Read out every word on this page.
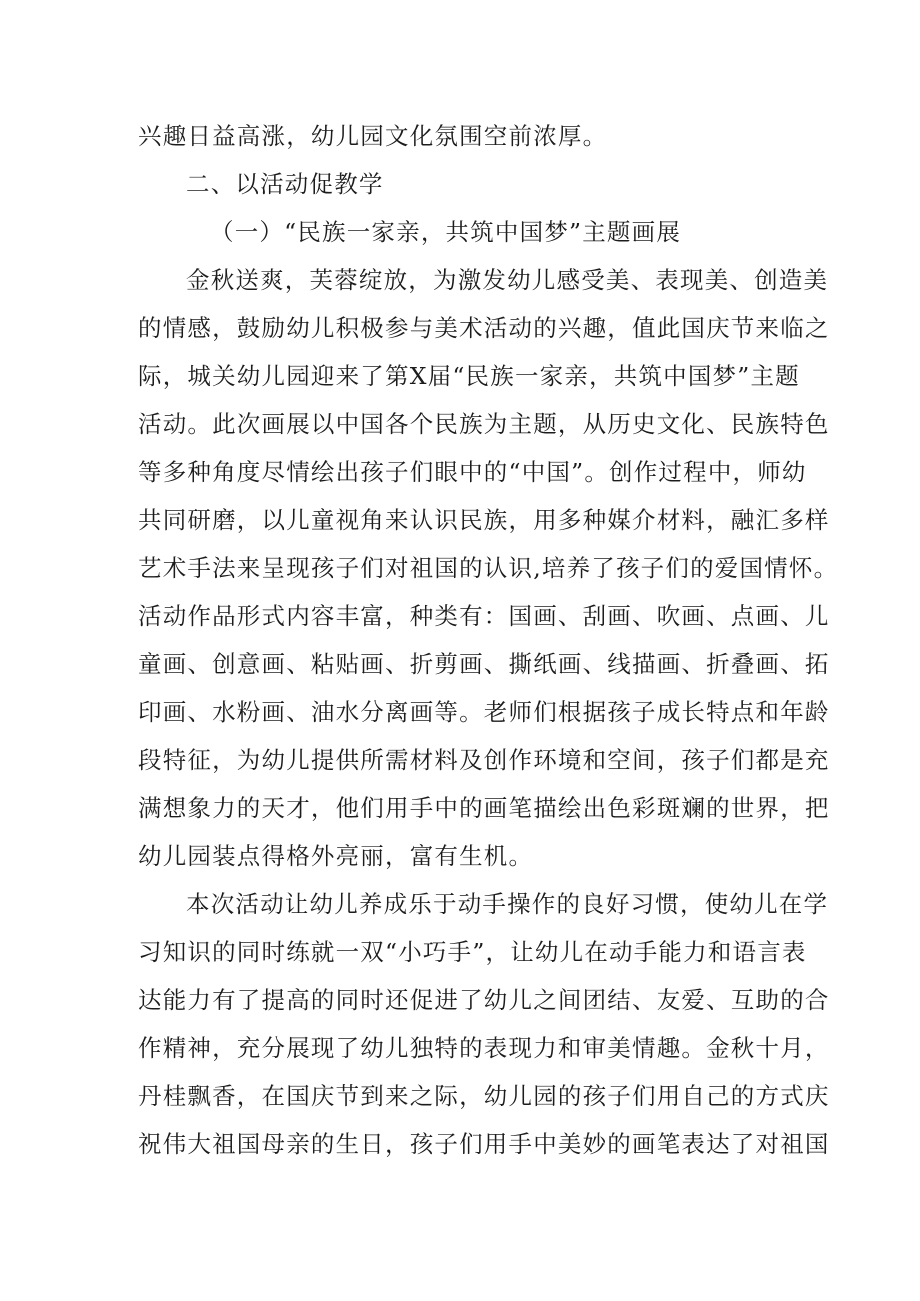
兴趣日益高涨，幼儿园文化氛围空前浓厚。
二、以活动促教学
（一）“民族一家亲，共筑中国梦”主题画展
金秋送爽，芙蓉绽放，为激发幼儿感受美、表现美、创造美
的情感，鼓励幼儿积极参与美术活动的兴趣，值此国庆节来临之
际，城关幼儿园迎来了第X届“民族一家亲，共筑中国梦”主题
活动。此次画展以中国各个民族为主题，从历史文化、民族特色
等多种角度尽情绘出孩子们眼中的“中国”。创作过程中，师幼
共同研磨，以儿童视角来认识民族，用多种媒介材料，融汇多样
艺术手法来呈现孩子们对祖国的认识,培养了孩子们的爱国情怀。
活动作品形式内容丰富，种类有：国画、刮画、吹画、点画、儿
童画、创意画、粘贴画、折剪画、撕纸画、线描画、折叠画、拓
印画、水粉画、油水分离画等。老师们根据孩子成长特点和年龄
段特征，为幼儿提供所需材料及创作环境和空间，孩子们都是充
满想象力的天才，他们用手中的画笔描绘出色彩斑斓的世界，把
幼儿园装点得格外亮丽，富有生机。
本次活动让幼儿养成乐于动手操作的良好习惯，使幼儿在学
习知识的同时练就一双“小巧手”，让幼儿在动手能力和语言表
达能力有了提高的同时还促进了幼儿之间团结、友爱、互助的合
作精神，充分展现了幼儿独特的表现力和审美情趣。金秋十月，
丹桂飘香，在国庆节到来之际，幼儿园的孩子们用自己的方式庆
祝伟大祖国母亲的生日，孩子们用手中美妙的画笔表达了对祖国
